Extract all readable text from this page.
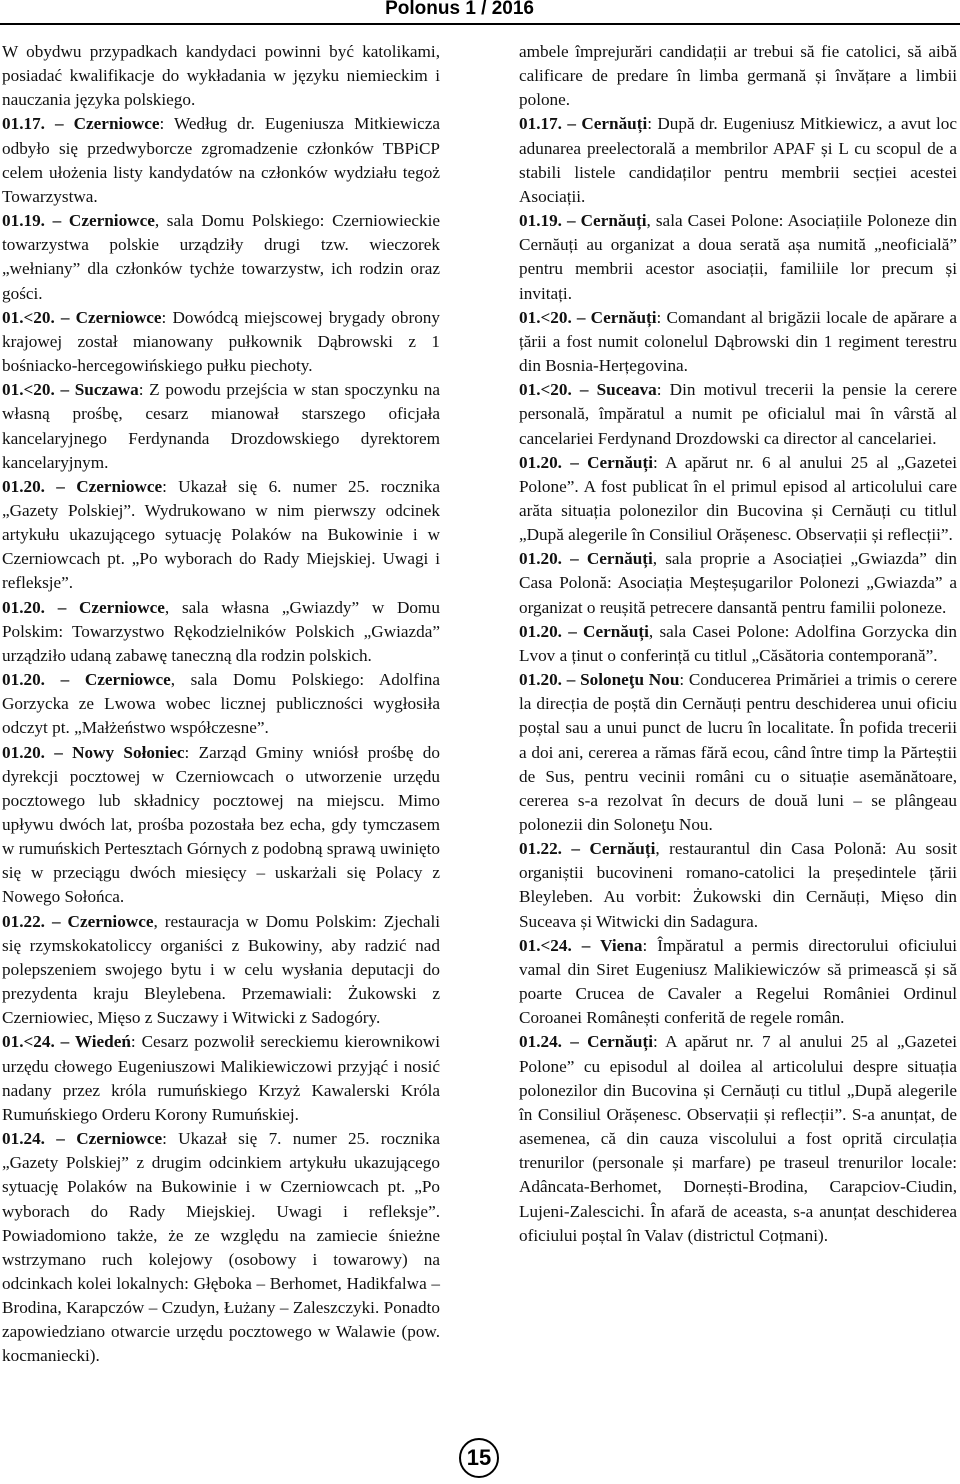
Polonus 1 / 2016

W obydwu przypadkach kandydaci powinni być katolikami, posiadać kwalifikacje do wykładania w języku niemieckim i nauczania języka polskiego.

01.17. – Czerniowce: Według dr. Eugeniusza Mitkiewicza odbyło się przedwyborcze zgromadzenie członków TBPiCP celem ułożenia listy kandydatów na członków wydziału tegoż Towarzystwa.

01.19. – Czerniowce, sala Domu Polskiego: Czerniowieckie towarzystwa polskie urządziły drugi tzw. wieczorek „wełniany” dla członków tychże towarzystw, ich rodzin oraz gości.

01.<20. – Czerniowce: Dowódcą miejscowej brygady obrony krajowej został mianowany pułkownik Dąbrowski z 1 bośniacko-hercegowińskiego pułku piechoty.

01.<20. – Suczawa: Z powodu przejścia w stan spoczynku na własną prośbę, cesarz mianował starszego oficjała kancelaryjnego Ferdynanda Drozdowskiego dyrektorem kancelaryjnym.

01.20. – Czerniowce: Ukazał się 6. numer 25. rocznika „Gazety Polskiej”. Wydrukowano w nim pierwszy odcinek artykułu ukazującego sytuację Polaków na Bukowinie i w Czerniowcach pt. „Po wyborach do Rady Miejskiej. Uwagi i refleksje”.

01.20. – Czerniowce, sala własna „Gwiazdy” w Domu Polskim: Towarzystwo Rękodzielników Polskich „Gwiazda” urządziło udaną zabawę taneczną dla rodzin polskich.

01.20. – Czerniowce, sala Domu Polskiego: Adolfina Gorzycka ze Lwowa wobec licznej publiczności wygłosiła odczyt pt. „Małżeństwo współczesne”.

01.20. – Nowy Sołoniec: Zarząd Gminy wniósł prośbę do dyrekcji pocztowej w Czerniowcach o utworzenie urzędu pocztowego lub składnicy pocztowej na miejscu. Mimo upływu dwóch lat, prośba pozostała bez echa, gdy tymczasem w rumuńskich Pertesztach Górnych z podobną sprawą uwinięto się w przeciągu dwóch miesięcy – uskarżali się Polacy z Nowego Sołońca.

01.22. – Czerniowce, restauracja w Domu Polskim: Zjechali się rzymskokatoliccy organiści z Bukowiny, aby radzić nad polepszeniem swojego bytu i w celu wysłania deputacji do prezydenta kraju Bleylebena. Przemawiali: Żukowski z Czerniowiec, Mięso z Suczawy i Witwicki z Sadogóry.

01.<24. – Wiedeń: Cesarz pozwolił sereckiemu kierownikowi urzędu cłowego Eugeniuszowi Malikiewiczowi przyjąć i nosić nadany przez króla rumuńskiego Krzyż Kawalerski Króla Rumuńskiego Orderu Korony Rumuńskiej.

01.24. – Czerniowce: Ukazał się 7. numer 25. rocznika „Gazety Polskiej” z drugim odcinkiem artykułu ukazującego sytuację Polaków na Bukowinie i w Czerniowcach pt. „Po wyborach do Rady Miejskiej. Uwagi i refleksje”. Powiadomiono także, że ze względu na zamiecie śnieżne wstrzymano ruch kolejowy (osobowy i towarowy) na odcinkach kolei lokalnych: Głęboka – Berhomet, Hadikfalwa – Brodina, Karapczów – Czudyn, Łużany – Zaleszczyki. Ponadto zapowiedziano otwarcie urzędu pocztowego w Walawie (pow. kocmaniecki).

ambele împrejurări candidații ar trebui să fie catolici, să aibă calificare de predare în limba germană și învățare a limbii polone.

01.17. – Cernăuți: După dr. Eugeniusz Mitkiewicz, a avut loc adunarea preelectorală a membrilor APAF și L cu scopul de a stabili listele candidaților pentru membrii secției acestei Asociații.

01.19. – Cernăuți, sala Casei Polone: Asociațiile Poloneze din Cernăuți au organizat a doua serată așa numită „neoficială” pentru membrii acestor asociații, familiile lor precum și invitați.

01.<20. – Cernăuți: Comandant al brigăzii locale de apărare a țării a fost numit colonelul Dąbrowski din 1 regiment terestru din Bosnia-Herțegovina.

01.<20. – Suceava: Din motivul trecerii la pensie la cerere personală, împăratul a numit pe oficialul mai în vârstă al cancelariei Ferdynand Drozdowski ca director al cancelariei.

01.20. – Cernăuți: A apărut nr. 6 al anului 25 al „Gazetei Polone”. A fost publicat în el primul episod al articolului care arăta situația polonezilor din Bucovina și Cernăuți cu titlul „După alegerile în Consiliul Orășenesc. Observații și reflecții”.

01.20. – Cernăuți, sala proprie a Asociației „Gwiazda” din Casa Polonă: Asociația Meșteșugarilor Polonezi „Gwiazda” a organizat o reușită petrecere dansantă pentru familii poloneze.

01.20. – Cernăuți, sala Casei Polone: Adolfina Gorzycka din Lvov a ținut o conferință cu titlul „Căsătoria contemporană”.

01.20. – Soloneţu Nou: Conducerea Primăriei a trimis o cerere la direcția de poștă din Cernăuți pentru deschiderea unui oficiu poștal sau a unui punct de lucru în localitate. În pofida trecerii a doi ani, cererea a rămas fără ecou, când între timp la Părteștii de Sus, pentru vecinii români cu o situație asemănătoare, cererea s-a rezolvat în decurs de două luni – se plângeau polonezii din Soloneţu Nou.

01.22. – Cernăuți, restaurantul din Casa Polonă: Au sosit organiștii bucovineni romano-catolici la președintele țării Bleyleben. Au vorbit: Żukowski din Cernăuți, Mięso din Suceava și Witwicki din Sadagura.

01.<24. – Viena: Împăratul a permis directorului oficiului vamal din Siret Eugeniusz Malikiewiczów să primească și să poarte Crucea de Cavaler a Regelui României Ordinul Coroanei Românești conferită de regele român.

01.24. – Cernăuți: A apărut nr. 7 al anului 25 al „Gazetei Polone” cu episodul al doilea al articolului despre situația polonezilor din Bucovina și Cernăuți cu titlul „După alegerile în Consiliul Orășenesc. Observații și reflecții”. S-a anunțat, de asemenea, că din cauza viscolului a fost oprită circulația trenurilor (personale și marfare) pe traseul trenurilor locale: Adâncata-Berhomet, Dornești-Brodina, Carapciov-Ciudin, Lujeni-Zalescichi. În afară de aceasta, s-a anunțat deschiderea oficiului poștal în Valav (districtul Coțmani).

15
